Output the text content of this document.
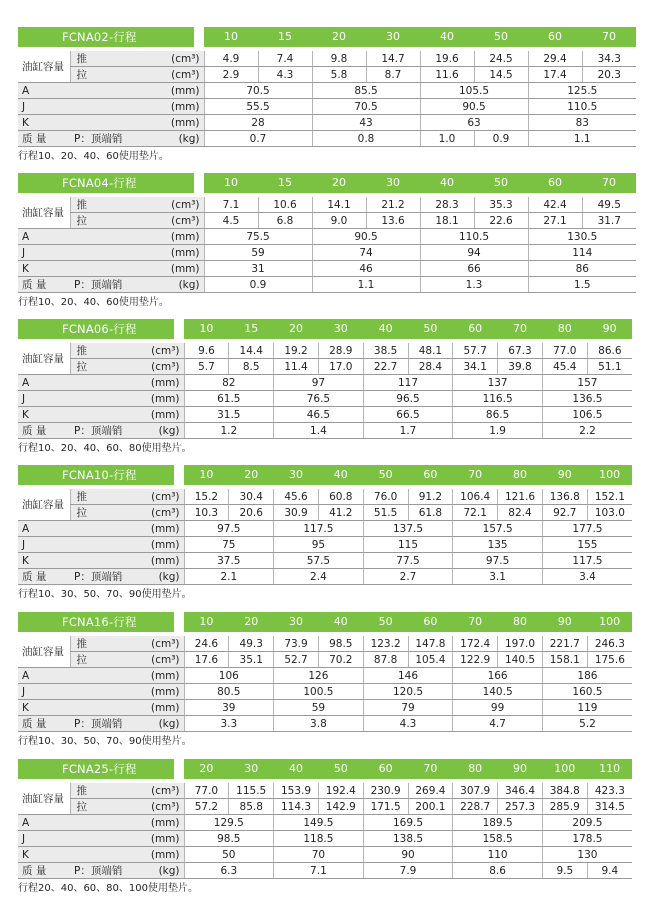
FCNA02-行程				10	15	20	30	40	50	60	70

油缸容量	推	(cm³)		4.9	7.4	9.8	14.7	19.6	24.5	29.4	34.3
	拉	(cm³)		2.9	4.3	5.8	8.7	11.6	14.5	17.4	20.3
A		(mm)		70.5		85.5		105.5		125.5	
J		(mm)		55.5		70.5		90.5		110.5	
K		(mm)		28		43		63		83	
质 量	P：顶端销	(kg)		0.7		0.8		1.0	0.9	1.1	
行程10、20、40、60使用垫片。
FCNA04-行程				10	15	20	30	40	50	60	70

油缸容量	推	(cm³)		7.1	10.6	14.1	21.2	28.3	35.3	42.4	49.5
	拉	(cm³)		4.5	6.8	9.0	13.6	18.1	22.6	27.1	31.7
A		(mm)		75.5		90.5		110.5		130.5	
J		(mm)		59		74		94		114	
K		(mm)		31		46		66		86	
质 量	P：顶端销	(kg)		0.9		1.1		1.3		1.5	
行程10、20、40、60使用垫片。
FCNA06-行程				10	15	20	30	40	50	60	70	80	90

油缸容量	推	(cm³)		9.6	14.4	19.2	28.9	38.5	48.1	57.7	67.3	77.0	86.6
	拉	(cm³)		5.7	8.5	11.4	17.0	22.7	28.4	34.1	39.8	45.4	51.1
A		(mm)		82		97		117		137		157	
J		(mm)		61.5		76.5		96.5		116.5		136.5	
K		(mm)		31.5		46.5		66.5		86.5		106.5	
质 量	P：顶端销	(kg)		1.2		1.4		1.7		1.9		2.2	
行程10、20、40、60、80使用垫片。
FCNA10-行程				10	20	30	40	50	60	70	80	90	100

油缸容量	推	(cm³)		15.2	30.4	45.6	60.8	76.0	91.2	106.4	121.6	136.8	152.1
	拉	(cm³)		10.3	20.6	30.9	41.2	51.5	61.8	72.1	82.4	92.7	103.0
A		(mm)		97.5		117.5		137.5		157.5		177.5	
J		(mm)		75		95		115		135		155	
K		(mm)		37.5		57.5		77.5		97.5		117.5	
质 量	P：顶端销	(kg)		2.1		2.4		2.7		3.1		3.4	
行程10、30、50、70、90使用垫片。
FCNA16-行程				10	20	30	40	50	60	70	80	90	100

油缸容量	推	(cm³)		24.6	49.3	73.9	98.5	123.2	147.8	172.4	197.0	221.7	246.3
	拉	(cm³)		17.6	35.1	52.7	70.2	87.8	105.4	122.9	140.5	158.1	175.6
A		(mm)		106		126		146		166		186	
J		(mm)		80.5		100.5		120.5		140.5		160.5	
K		(mm)		39		59		79		99		119	
质 量	P：顶端销	(kg)		3.3		3.8		4.3		4.7		5.2	
行程10、30、50、70、90使用垫片。
FCNA25-行程				20	30	40	50	60	70	80	90	100	110

油缸容量	推	(cm³)		77.0	115.5	153.9	192.4	230.9	269.4	307.9	346.4	384.8	423.3
	拉	(cm³)		57.2	85.8	114.3	142.9	171.5	200.1	228.7	257.3	285.9	314.5
A		(mm)		129.5		149.5		169.5		189.5		209.5	
J		(mm)		98.5		118.5		138.5		158.5		178.5	
K		(mm)		50		70		90		110		130	
质 量	P：顶端销	(kg)		6.3		7.1		7.9		8.6		9.5	9.4
行程20、40、60、80、100使用垫片。
